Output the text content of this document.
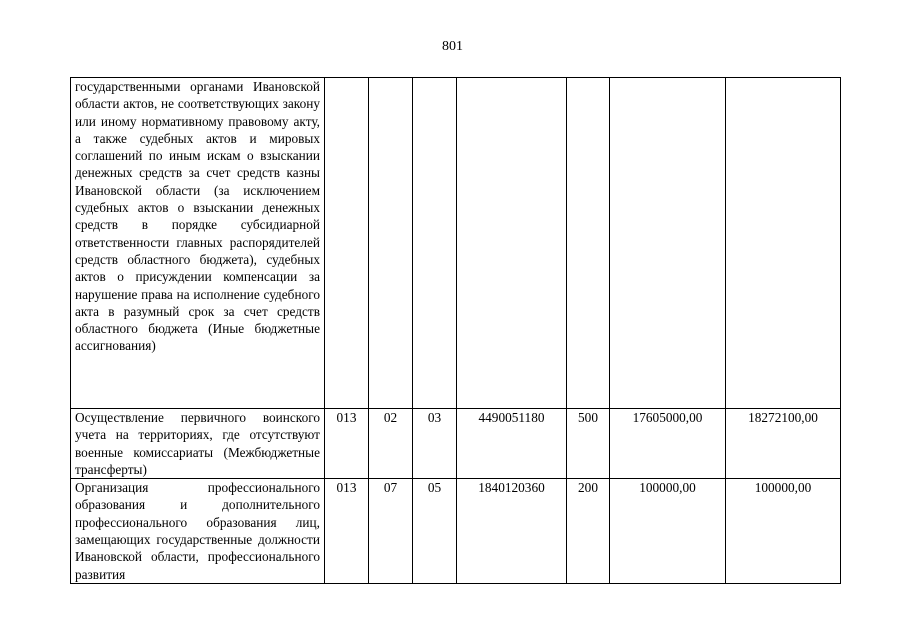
801
государственными органами Ивановской области актов, не соответствующих закону или иному нормативному правовому акту, а также судебных актов и мировых соглашений по иным искам о взыскании денежных средств за счет средств казны Ивановской области (за исключением судебных актов о взыскании денежных средств в порядке субсидиарной ответственности главных распорядителей средств областного бюджета), судебных актов о присуждении компенсации за нарушение права на исполнение судебного акта в разумный срок за счет средств областного бюджета (Иные бюджетные ассигнования)							
Осуществление первичного воинского учета на территориях, где отсутствуют военные комиссариаты (Межбюджетные трансферты)	013	02	03	4490051180	500	17605000,00	18272100,00
Организация профессионального образования и дополнительного профессионального образования лиц, замещающих государственные должности Ивановской области, профессионального развития	013	07	05	1840120360	200	100000,00	100000,00
